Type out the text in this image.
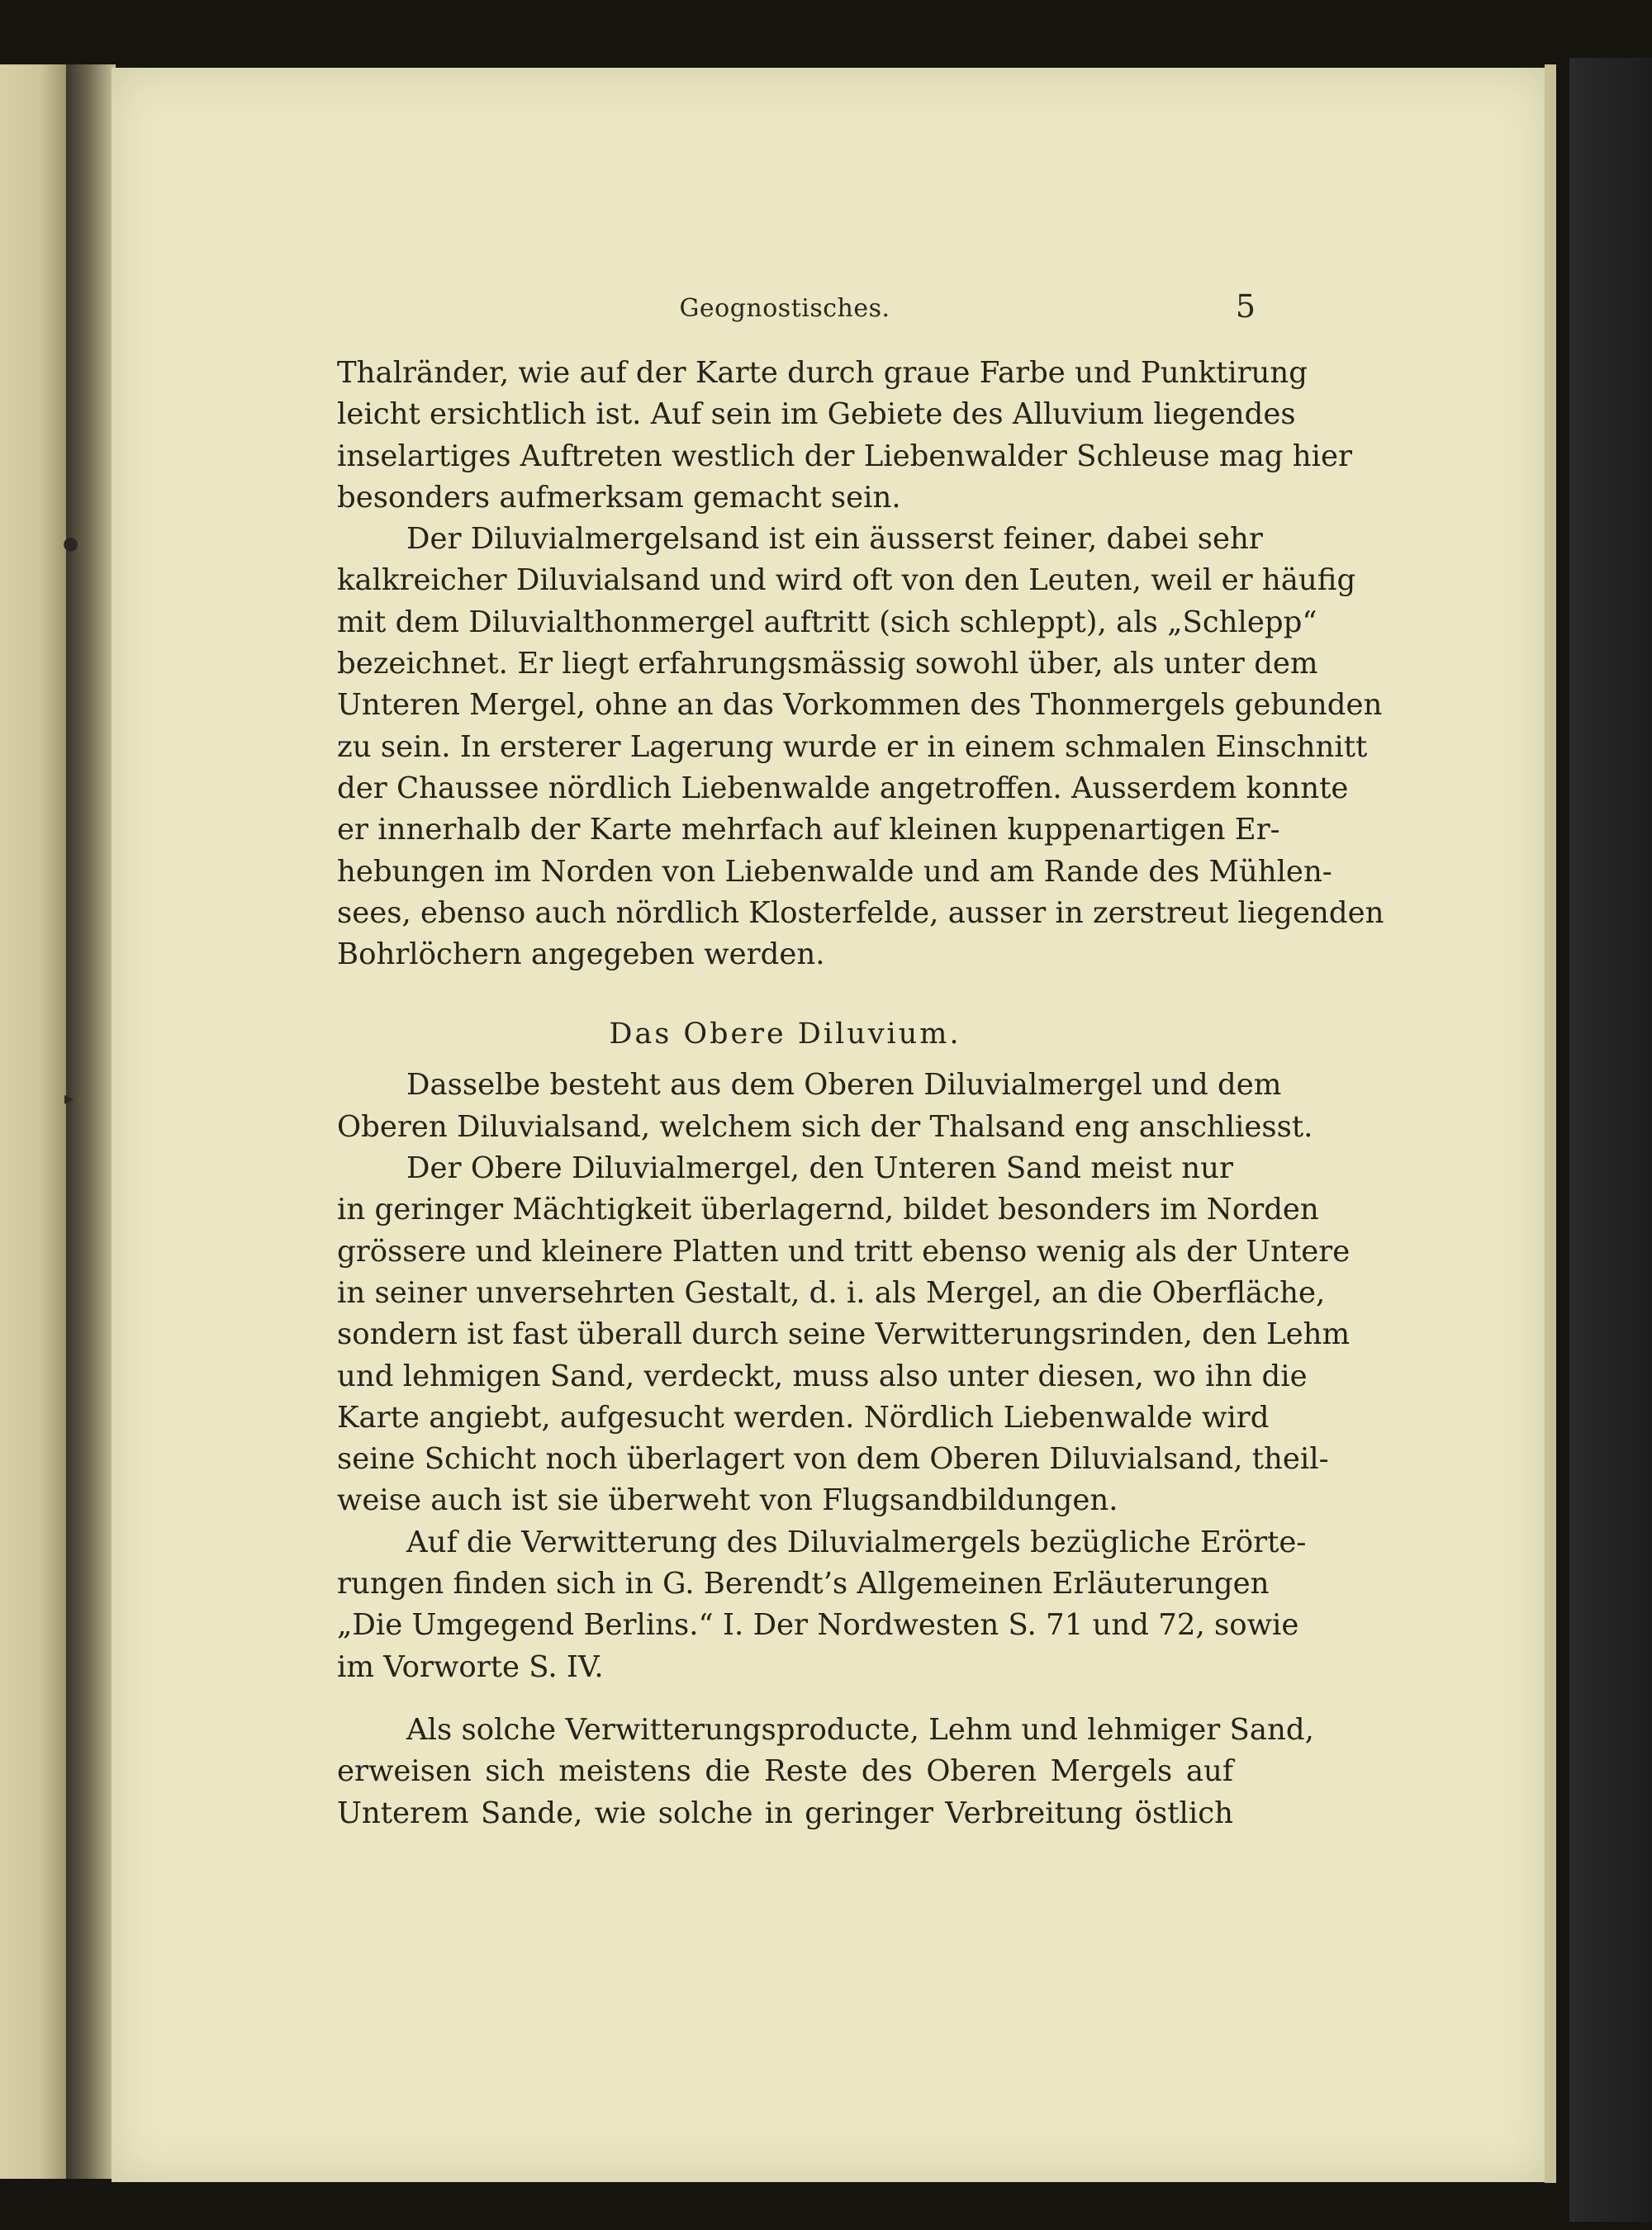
●
▸
Geognostisches.	5
Thalränder, wie auf der Karte durch graue Farbe und Punktirung
leicht ersichtlich ist. Auf sein im Gebiete des Alluvium liegendes
inselartiges Auftreten westlich der Liebenwalder Schleuse mag hier
besonders aufmerksam gemacht sein.
Der Diluvialmergelsand ist ein äusserst feiner, dabei sehr
kalkreicher Diluvialsand und wird oft von den Leuten, weil er häufig
mit dem Diluvialthonmergel auftritt (sich schleppt), als „Schlepp“
bezeichnet. Er liegt erfahrungsmässig sowohl über, als unter dem
Unteren Mergel, ohne an das Vorkommen des Thonmergels gebunden
zu sein. In ersterer Lagerung wurde er in einem schmalen Einschnitt
der Chaussee nördlich Liebenwalde angetroffen. Ausserdem konnte
er innerhalb der Karte mehrfach auf kleinen kuppenartigen Er-
hebungen im Norden von Liebenwalde und am Rande des Mühlen-
sees, ebenso auch nördlich Klosterfelde, ausser in zerstreut liegenden
Bohrlöchern angegeben werden.
Das Obere Diluvium.
Dasselbe besteht aus dem Oberen Diluvialmergel und dem
Oberen Diluvialsand, welchem sich der Thalsand eng anschliesst.
Der Obere Diluvialmergel, den Unteren Sand meist nur
in geringer Mächtigkeit überlagernd, bildet besonders im Norden
grössere und kleinere Platten und tritt ebenso wenig als der Untere
in seiner unversehrten Gestalt, d. i. als Mergel, an die Oberfläche,
sondern ist fast überall durch seine Verwitterungsrinden, den Lehm
und lehmigen Sand, verdeckt, muss also unter diesen, wo ihn die
Karte angiebt, aufgesucht werden. Nördlich Liebenwalde wird
seine Schicht noch überlagert von dem Oberen Diluvialsand, theil-
weise auch ist sie überweht von Flugsandbildungen.
Auf die Verwitterung des Diluvialmergels bezügliche Erörte-
rungen finden sich in G. Berendt’s Allgemeinen Erläuterungen
„Die Umgegend Berlins.“ I. Der Nordwesten S. 71 und 72, sowie
im Vorworte S. IV.
Als solche Verwitterungsproducte, Lehm und lehmiger Sand,
erweisen sich meistens die Reste des Oberen Mergels auf
Unterem Sande, wie solche in geringer Verbreitung östlich
